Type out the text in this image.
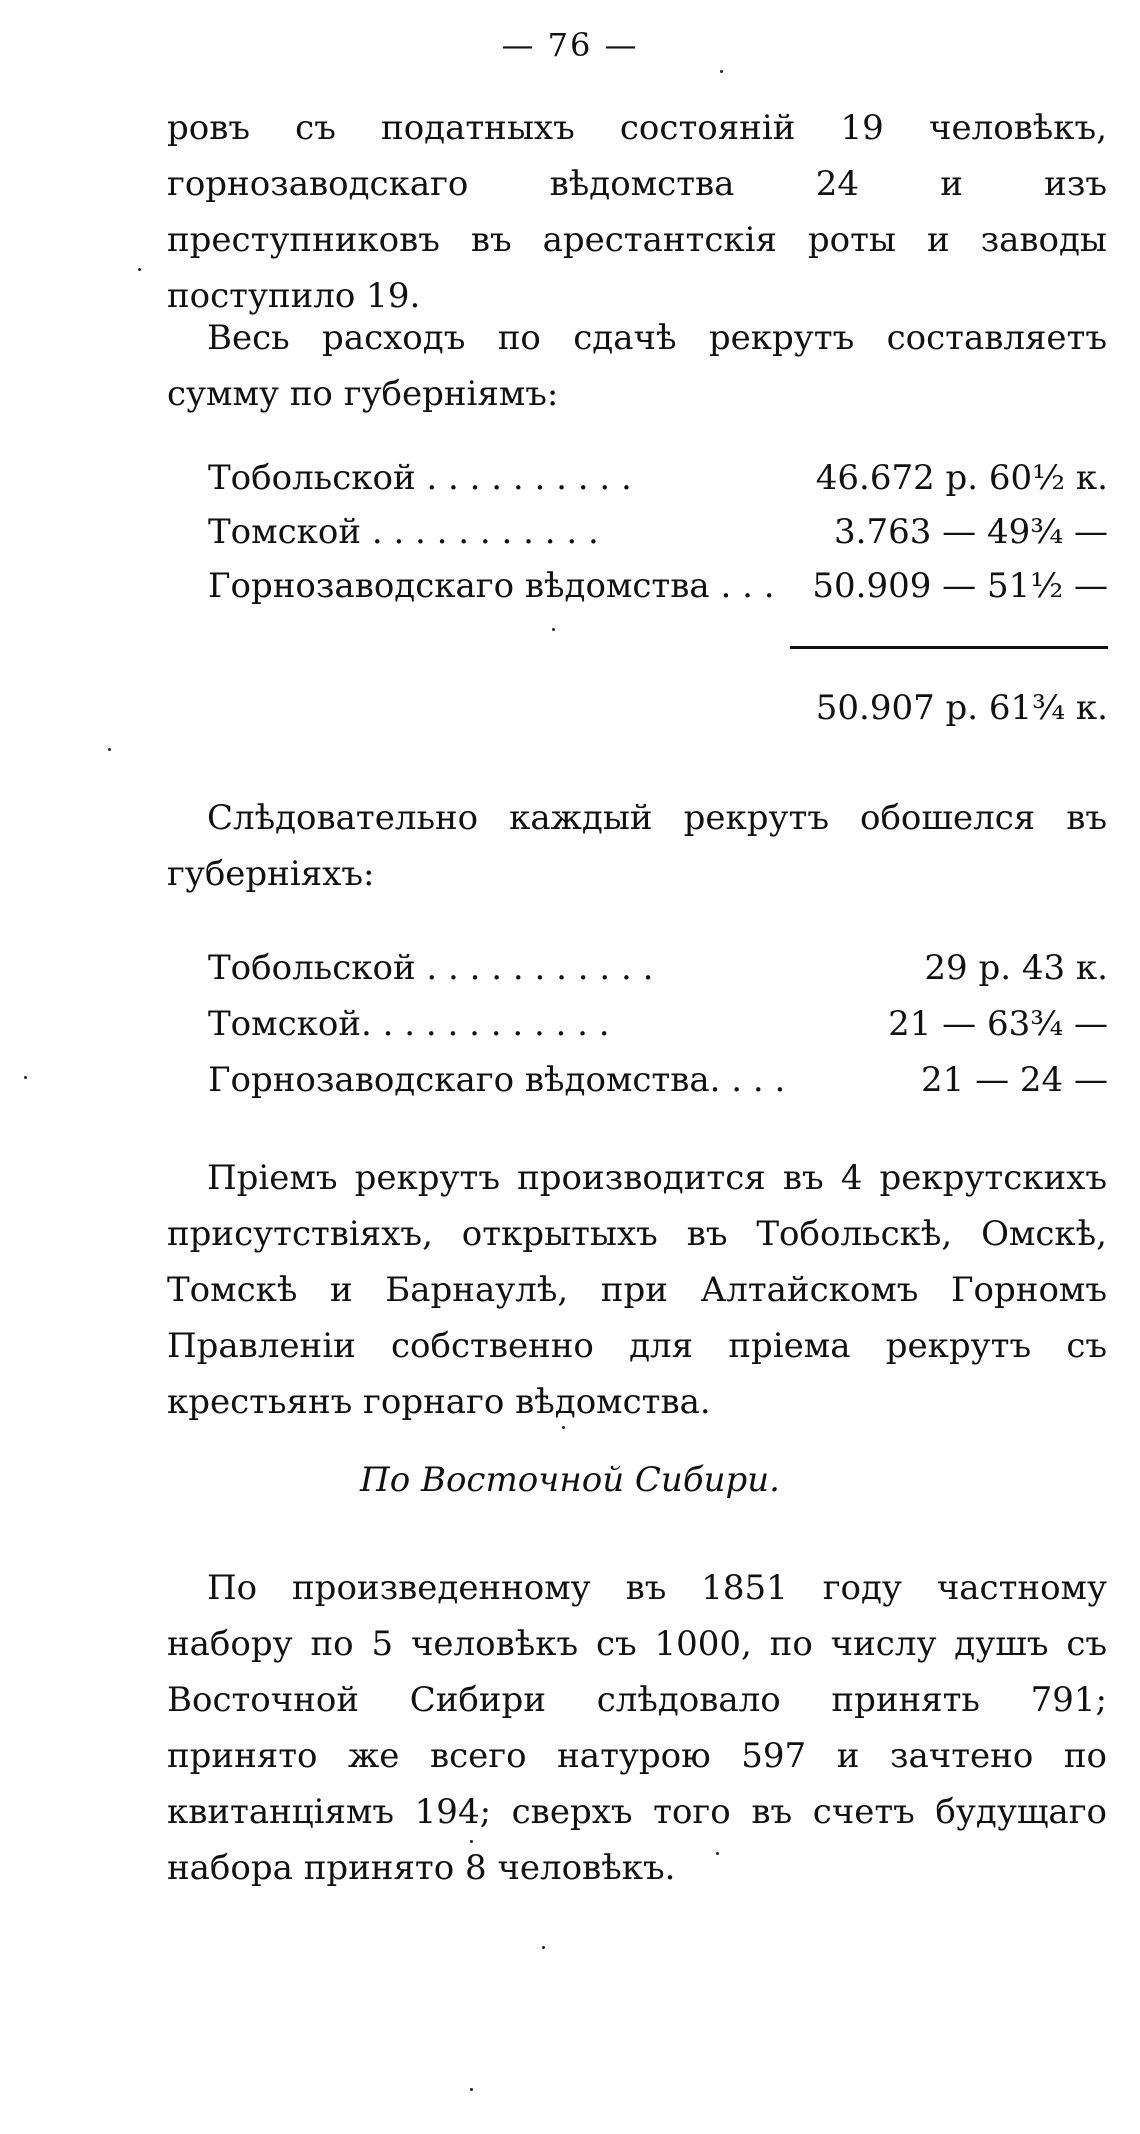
— 76 —
ровъ съ податныхъ состояній 19 человѣкъ, горнозаводскаго вѣдомства 24 и изъ преступниковъ въ арестантскія роты и заводы поступило 19.
Весь расходъ по сдачѣ рекрутъ составляетъ сумму по губерніямъ:
Тобольской . . . . . . . . . .	46.672 р. 60½ к.
Томской . . . . . . . . . . .	3.763 — 49¾ —
Горнозаводскаго вѣдомства . . . 50.909 — 51½ —
50.907 р. 61¾ к.
Слѣдовательно каждый рекрутъ обошелся въ губерніяхъ:
Тобольской . . . . . . . . . . .	29 р. 43 к.
Томской. . . . . . . . . . . .	21 — 63¾ —
Горнозаводскаго вѣдомства. . . .	21 — 24 —
Пріемъ рекрутъ производится въ 4 рекрутскихъ присутствіяхъ, открытыхъ въ Тобольскѣ, Омскѣ, Томскѣ и Барнаулѣ, при Алтайскомъ Горномъ Правленіи собственно для пріема рекрутъ съ крестьянъ горнаго вѣдомства.
По Восточной Сибири.
По произведенному въ 1851 году частному набору по 5 человѣкъ съ 1000, по числу душъ съ Восточной Сибири слѣдовало принять 791; принято же всего натурою 597 и зачтено по квитанціямъ 194; сверхъ того въ счетъ будущаго набора принято 8 человѣкъ.
